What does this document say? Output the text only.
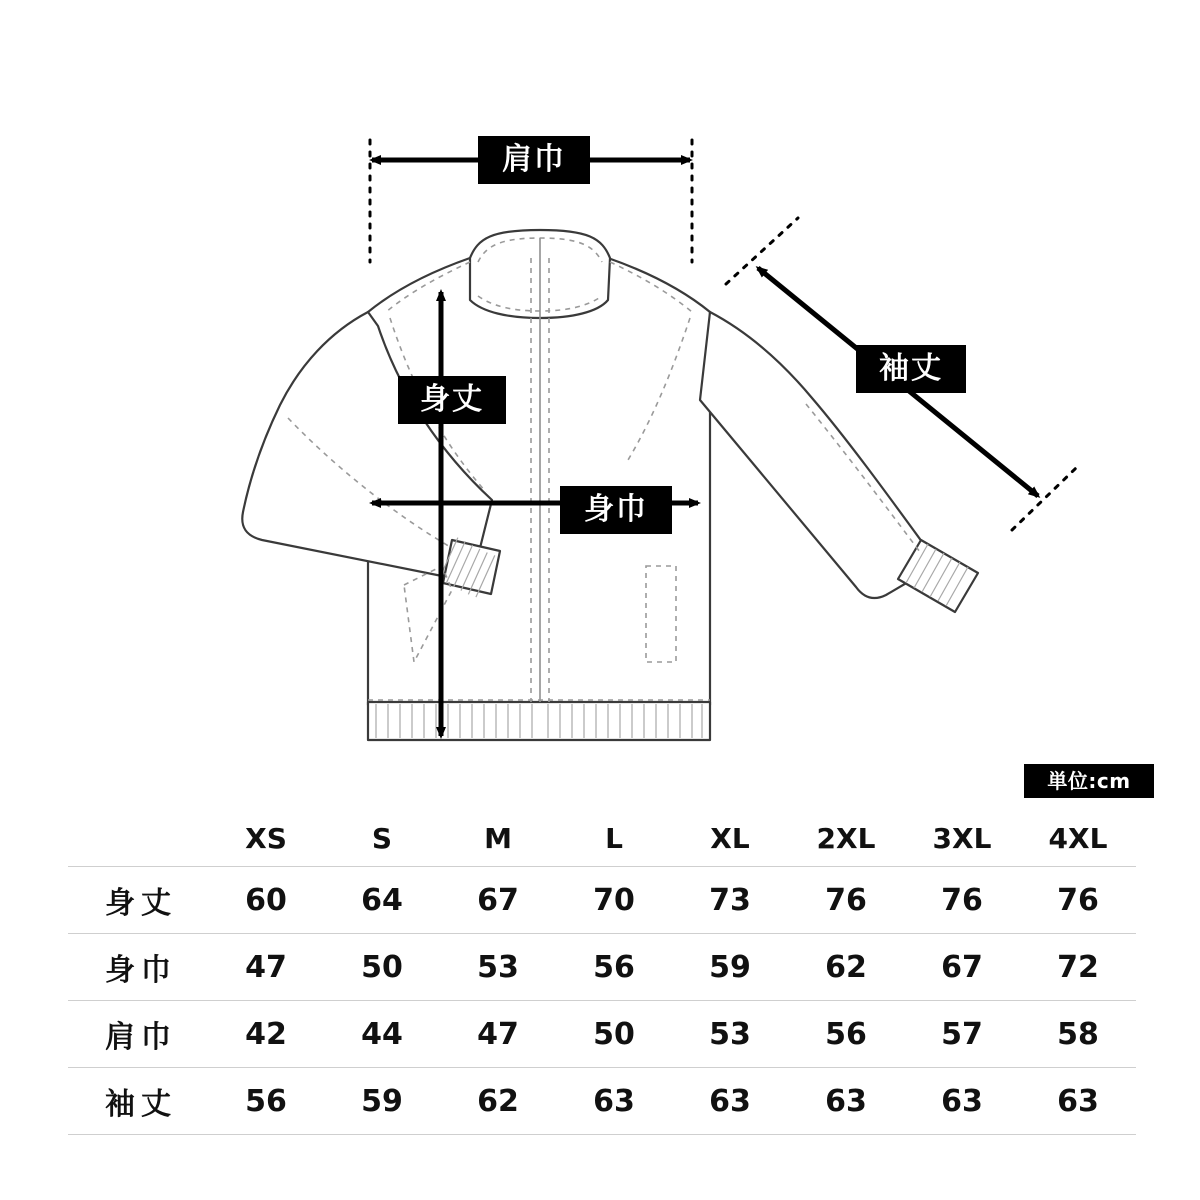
肩巾
袖丈
身丈
身巾
単位:cm
	XS	S	M	L	XL	2XL	3XL	4XL
身丈	60	64	67	70	73	76	76	76
身巾	47	50	53	56	59	62	67	72
肩巾	42	44	47	50	53	56	57	58
袖丈	56	59	62	63	63	63	63	63
